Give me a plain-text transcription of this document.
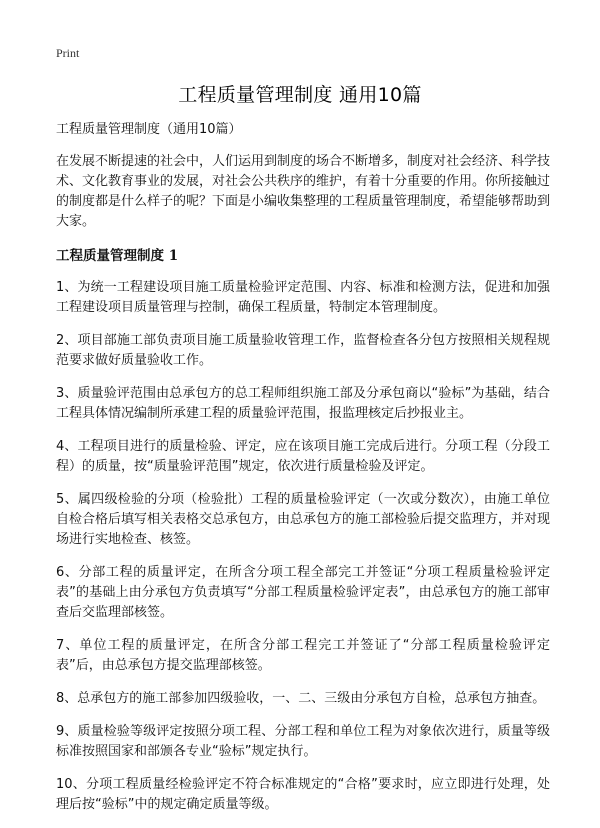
Print
工程质量管理制度 通用10篇

工程质量管理制度（通用10篇）

在发展不断提速的社会中，人们运用到制度的场合不断增多，制度对社会经济、科学技术、文化教育事业的发展，对社会公共秩序的维护，有着十分重要的作用。你所接触过的制度都是什么样子的呢？下面是小编收集整理的工程质量管理制度，希望能够帮助到大家。

工程质量管理制度 1

1、为统一工程建设项目施工质量检验评定范围、内容、标准和检测方法，促进和加强工程建设项目质量管理与控制，确保工程质量，特制定本管理制度。

2、项目部施工部负责项目施工质量验收管理工作，监督检查各分包方按照相关规程规范要求做好质量验收工作。

3、质量验评范围由总承包方的总工程师组织施工部及分承包商以“验标”为基础，结合工程具体情况编制所承建工程的质量验评范围，报监理核定后抄报业主。

4、工程项目进行的质量检验、评定，应在该项目施工完成后进行。分项工程（分段工程）的质量，按“质量验评范围”规定，依次进行质量检验及评定。

5、属四级检验的分项（检验批）工程的质量检验评定（一次或分数次），由施工单位自检合格后填写相关表格交总承包方，由总承包方的施工部检验后提交监理方，并对现场进行实地检查、核签。

6、分部工程的质量评定，在所含分项工程全部完工并签证“分项工程质量检验评定表”的基础上由分承包方负责填写“分部工程质量检验评定表”，由总承包方的施工部审查后交监理部核签。

7、单位工程的质量评定，在所含分部工程完工并签证了“分部工程质量检验评定表”后，由总承包方提交监理部核签。

8、总承包方的施工部参加四级验收，一、二、三级由分承包方自检，总承包方抽查。

9、质量检验等级评定按照分项工程、分部工程和单位工程为对象依次进行，质量等级标准按照国家和部颁各专业“验标”规定执行。

10、分项工程质量经检验评定不符合标准规定的“合格”要求时，应立即进行处理，处理后按“验标”中的规定确定质量等级。
